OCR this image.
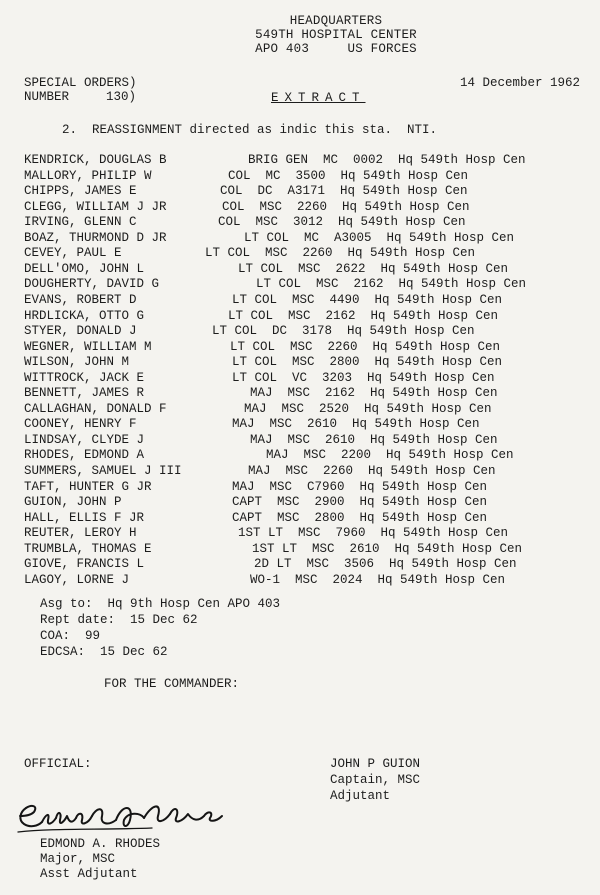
HEADQUARTERS
549TH HOSPITAL CENTER
APO 403     US FORCES
SPECIAL ORDERS)
NUMBER	130)
14 December 1962
EXTRACT
2. REASSIGNMENT directed as indic this sta.  NTI.
KENDRICK, DOUGLAS B	BRIG GEN  MC  0002  Hq 549th Hosp Cen
MALLORY, PHILIP W	COL  MC  3500  Hq 549th Hosp Cen
CHIPPS, JAMES E	COL  DC  A3171  Hq 549th Hosp Cen
CLEGG, WILLIAM J JR	COL  MSC  2260  Hq 549th Hosp Cen
IRVING, GLENN C	COL  MSC  3012  Hq 549th Hosp Cen
BOAZ, THURMOND D JR	LT COL  MC  A3005  Hq 549th Hosp Cen
CEVEY, PAUL E	LT COL  MSC  2260  Hq 549th Hosp Cen
DELL'OMO, JOHN L	LT COL  MSC  2622  Hq 549th Hosp Cen
DOUGHERTY, DAVID G	LT COL  MSC  2162  Hq 549th Hosp Cen
EVANS, ROBERT D	LT COL  MSC  4490  Hq 549th Hosp Cen
HRDLICKA, OTTO G	LT COL  MSC  2162  Hq 549th Hosp Cen
STYER, DONALD J	LT COL  DC  3178  Hq 549th Hosp Cen
WEGNER, WILLIAM M	LT COL  MSC  2260  Hq 549th Hosp Cen
WILSON, JOHN M	LT COL  MSC  2800  Hq 549th Hosp Cen
WITTROCK, JACK E	LT COL  VC  3203  Hq 549th Hosp Cen
BENNETT, JAMES R	MAJ  MSC  2162  Hq 549th Hosp Cen
CALLAGHAN, DONALD F	MAJ  MSC  2520  Hq 549th Hosp Cen
COONEY, HENRY F	MAJ  MSC  2610  Hq 549th Hosp Cen
LINDSAY, CLYDE J	MAJ  MSC  2610  Hq 549th Hosp Cen
RHODES, EDMOND A	MAJ  MSC  2200  Hq 549th Hosp Cen
SUMMERS, SAMUEL J III	MAJ  MSC  2260  Hq 549th Hosp Cen
TAFT, HUNTER G JR	MAJ  MSC  C7960  Hq 549th Hosp Cen
GUION, JOHN P	CAPT  MSC  2900  Hq 549th Hosp Cen
HALL, ELLIS F JR	CAPT  MSC  2800  Hq 549th Hosp Cen
REUTER, LEROY H	1ST LT  MSC  7960  Hq 549th Hosp Cen
TRUMBLA, THOMAS E	1ST LT  MSC  2610  Hq 549th Hosp Cen
GIOVE, FRANCIS L	2D LT  MSC  3506  Hq 549th Hosp Cen
LAGOY, LORNE J	WO-1  MSC  2024  Hq 549th Hosp Cen
Asg to:  Hq 9th Hosp Cen APO 403
Rept date:  15 Dec 62
COA:  99
EDCSA:  15 Dec 62
FOR THE COMMANDER:
OFFICIAL:	JOHN P GUION
Captain, MSC
Adjutant
EDMOND A. RHODES
Major, MSC
Asst Adjutant
